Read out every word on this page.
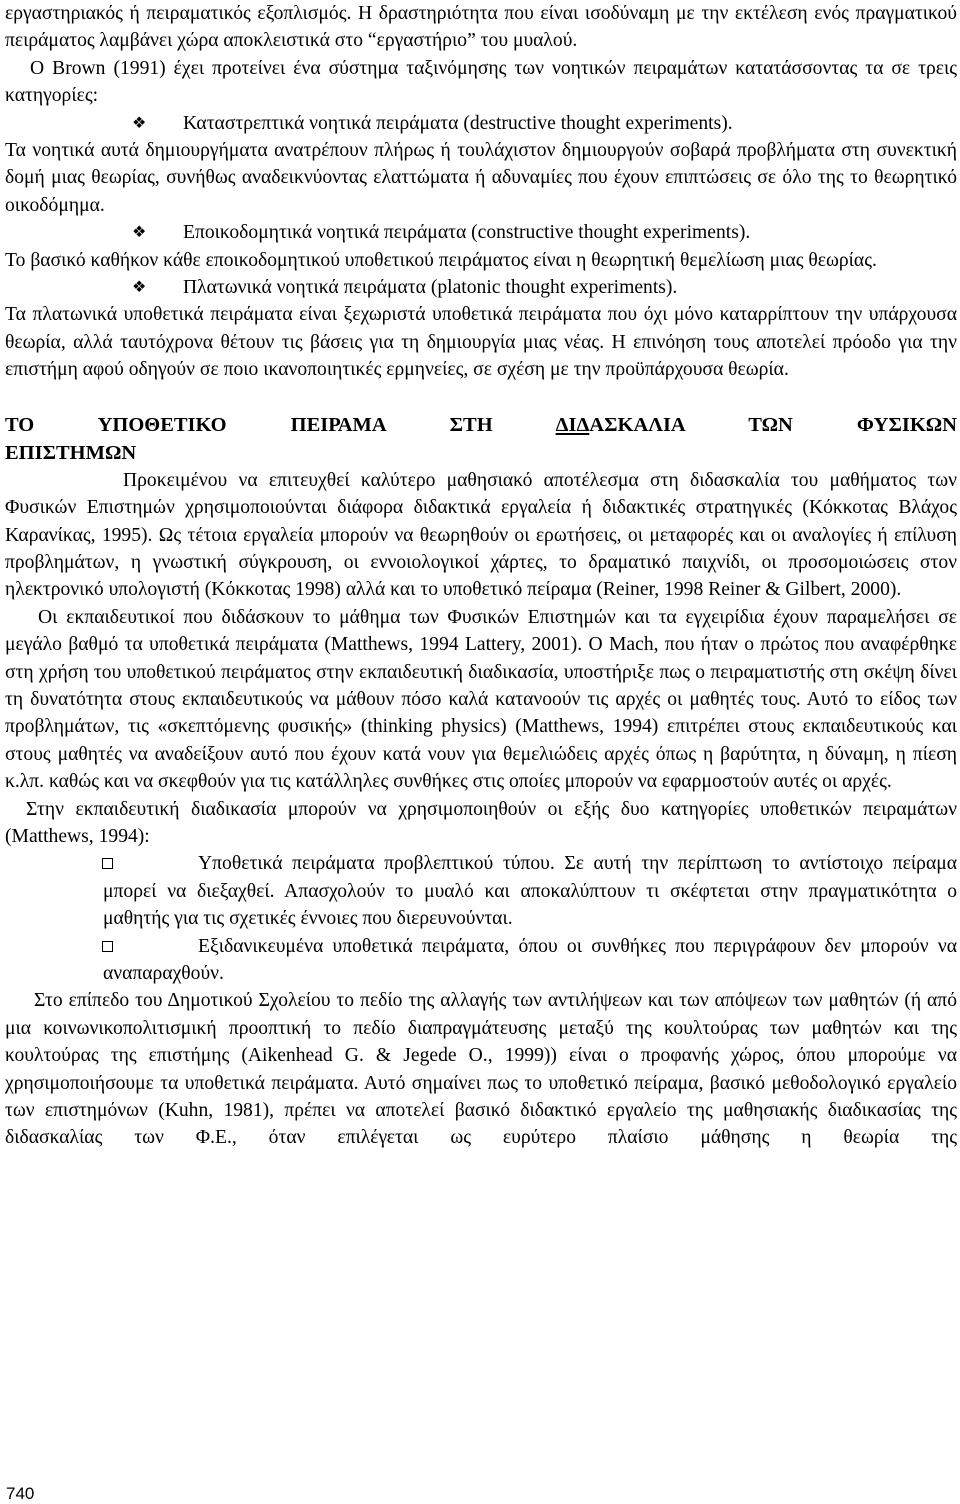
εργαστηριακός ή πειραματικός εξοπλισμός. Η δραστηριότητα που είναι ισοδύναμη με την εκτέλεση ενός πραγματικού πειράματος λαμβάνει χώρα αποκλειστικά στο “εργαστήριο” του μυαλού.

Ο Brown (1991) έχει προτείνει ένα σύστημα ταξινόμησης των νοητικών πειραμάτων κατατάσσοντας τα σε τρεις κατηγορίες:

❖ Καταστρεπτικά νοητικά πειράματα (destructive thought experiments).

Τα νοητικά αυτά δημιουργήματα ανατρέπουν πλήρως ή τουλάχιστον δημιουργούν σοβαρά προβλήματα στη συνεκτική δομή μιας θεωρίας, συνήθως αναδεικνύοντας ελαττώματα ή αδυναμίες που έχουν επιπτώσεις σε όλο της το θεωρητικό οικοδόμημα.

❖ Εποικοδομητικά νοητικά πειράματα (constructive thought experiments).

Το βασικό καθήκον κάθε εποικοδομητικού υποθετικού πειράματος είναι η θεωρητική θεμελίωση μιας θεωρίας.

❖ Πλατωνικά νοητικά πειράματα (platonic thought experiments).

Τα πλατωνικά υποθετικά πειράματα είναι ξεχωριστά υποθετικά πειράματα που όχι μόνο καταρρίπτουν την υπάρχουσα θεωρία, αλλά ταυτόχρονα θέτουν τις βάσεις για τη δημιουργία μιας νέας. Η επινόηση τους αποτελεί πρόοδο για την επιστήμη αφού οδηγούν σε ποιο ικανοποιητικές ερμηνείες, σε σχέση με την προϋπάρχουσα θεωρία.

ΤΟ ΥΠΟΘΕΤΙΚΟ ΠΕΙΡΑΜΑ ΣΤΗ ΔΙΔΑΣΚΑΛΙΑ ΤΩΝ ΦΥΣΙΚΩΝ
ΕΠΙΣΤΗΜΩΝ

Προκειμένου να επιτευχθεί καλύτερο μαθησιακό αποτέλεσμα στη διδασκαλία του μαθήματος των Φυσικών Επιστημών χρησιμοποιούνται διάφορα διδακτικά εργαλεία ή διδακτικές στρατηγικές (Κόκκοτας Βλάχος Καρανίκας, 1995). Ως τέτοια εργαλεία μπορούν να θεωρηθούν οι ερωτήσεις, οι μεταφορές και οι αναλογίες ή επίλυση προβλημάτων, η γνωστική σύγκρουση, οι εννοιολογικοί χάρτες, το δραματικό παιχνίδι, οι προσομοιώσεις στον ηλεκτρονικό υπολογιστή (Κόκκοτας 1998) αλλά και το υποθετικό πείραμα (Reiner, 1998 Reiner & Gilbert, 2000).

Οι εκπαιδευτικοί που διδάσκουν το μάθημα των Φυσικών Επιστημών και τα εγχειρίδια έχουν παραμελήσει σε μεγάλο βαθμό τα υποθετικά πειράματα (Matthews, 1994 Lattery, 2001). Ο Mach, που ήταν ο πρώτος που αναφέρθηκε στη χρήση του υποθετικού πειράματος στην εκπαιδευτική διαδικασία, υποστήριξε πως ο πειραματιστής στη σκέψη δίνει τη δυνατότητα στους εκπαιδευτικούς να μάθουν πόσο καλά κατανοούν τις αρχές οι μαθητές τους. Αυτό το είδος των προβλημάτων, τις «σκεπτόμενης φυσικής» (thinking physics) (Matthews, 1994) επιτρέπει στους εκπαιδευτικούς και στους μαθητές να αναδείξουν αυτό που έχουν κατά νουν για θεμελιώδεις αρχές όπως η βαρύτητα, η δύναμη, η πίεση κ.λπ. καθώς και να σκεφθούν για τις κατάλληλες συνθήκες στις οποίες μπορούν να εφαρμοστούν αυτές οι αρχές.

Στην εκπαιδευτική διαδικασία μπορούν να χρησιμοποιηθούν οι εξής δυο κατηγορίες υποθετικών πειραμάτων (Matthews, 1994):

Υποθετικά πειράματα προβλεπτικού τύπου. Σε αυτή την περίπτωση το αντίστοιχο πείραμα μπορεί να διεξαχθεί. Απασχολούν το μυαλό και αποκαλύπτουν τι σκέφτεται στην πραγματικότητα ο μαθητής για τις σχετικές έννοιες που διερευνούνται.

Εξιδανικευμένα υποθετικά πειράματα, όπου οι συνθήκες που περιγράφουν δεν μπορούν να αναπαραχθούν.

Στο επίπεδο του Δημοτικού Σχολείου το πεδίο της αλλαγής των αντιλήψεων και των απόψεων των μαθητών (ή από μια κοινωνικοπολιτισμική προοπτική το πεδίο διαπραγμάτευσης μεταξύ της κουλτούρας των μαθητών και της κουλτούρας της επιστήμης (Aikenhead G. & Jegede O., 1999)) είναι ο προφανής χώρος, όπου μπορούμε να χρησιμοποιήσουμε τα υποθετικά πειράματα. Αυτό σημαίνει πως το υποθετικό πείραμα, βασικό μεθοδολογικό εργαλείο των επιστημόνων (Kuhn, 1981), πρέπει να αποτελεί βασικό διδακτικό εργαλείο της μαθησιακής διαδικασίας της διδασκαλίας των Φ.Ε., όταν επιλέγεται ως ευρύτερο πλαίσιο μάθησης η θεωρία της

740
